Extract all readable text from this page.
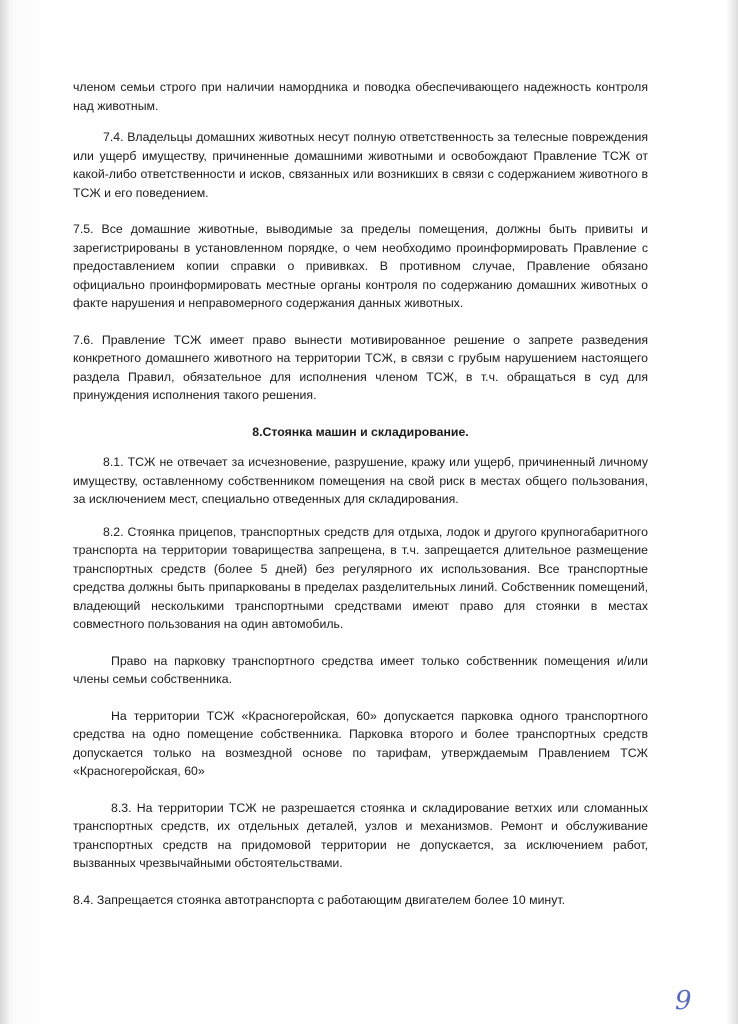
членом семьи строго при наличии намордника и поводка обеспечивающего надежность контроля над животным.

7.4. Владельцы домашних животных несут полную ответственность за телесные повреждения или ущерб имуществу, причиненные домашними животными и освобождают Правление ТСЖ от какой-либо ответственности и исков, связанных или возникших в связи с содержанием животного в ТСЖ и его поведением.

7.5. Все домашние животные, выводимые за пределы помещения, должны быть привиты и зарегистрированы в установленном порядке, о чем необходимо проинформировать Правление с предоставлением копии справки о прививках. В противном случае, Правление обязано официально проинформировать местные органы контроля по содержанию домашних животных о факте нарушения и неправомерного содержания данных животных.

7.6. Правление ТСЖ имеет право вынести мотивированное решение о запрете разведения конкретного домашнего животного на территории ТСЖ, в связи с грубым нарушением настоящего раздела Правил, обязательное для исполнения членом ТСЖ, в т.ч. обращаться в суд для принуждения исполнения такого решения.

8.Стоянка машин и складирование.

8.1. ТСЖ не отвечает за исчезновение, разрушение, кражу или ущерб, причиненный личному имуществу, оставленному собственником помещения на свой риск в местах общего пользования, за исключением мест, специально отведенных для складирования.

8.2. Стоянка прицепов, транспортных средств для отдыха, лодок и другого крупногабаритного транспорта на территории товарищества запрещена, в т.ч. запрещается длительное размещение транспортных средств (более 5 дней) без регулярного их использования. Все транспортные средства должны быть припаркованы в пределах разделительных линий. Собственник помещений, владеющий несколькими транспортными средствами имеют право для стоянки в местах совместного пользования на один автомобиль.

Право на парковку транспортного средства имеет только собственник помещения и/или члены семьи собственника.

На территории ТСЖ «Красногеройская, 60» допускается парковка одного транспортного средства на одно помещение собственника. Парковка второго и более транспортных средств допускается только на возмездной основе по тарифам, утверждаемым Правлением ТСЖ «Красногеройская, 60»

8.3. На территории ТСЖ не разрешается стоянка и складирование ветхих или сломанных транспортных средств, их отдельных деталей, узлов и механизмов. Ремонт и обслуживание транспортных средств на придомовой территории не допускается, за исключением работ, вызванных чрезвычайными обстоятельствами.

8.4. Запрещается стоянка автотранспорта с работающим двигателем более 10 минут.

9
